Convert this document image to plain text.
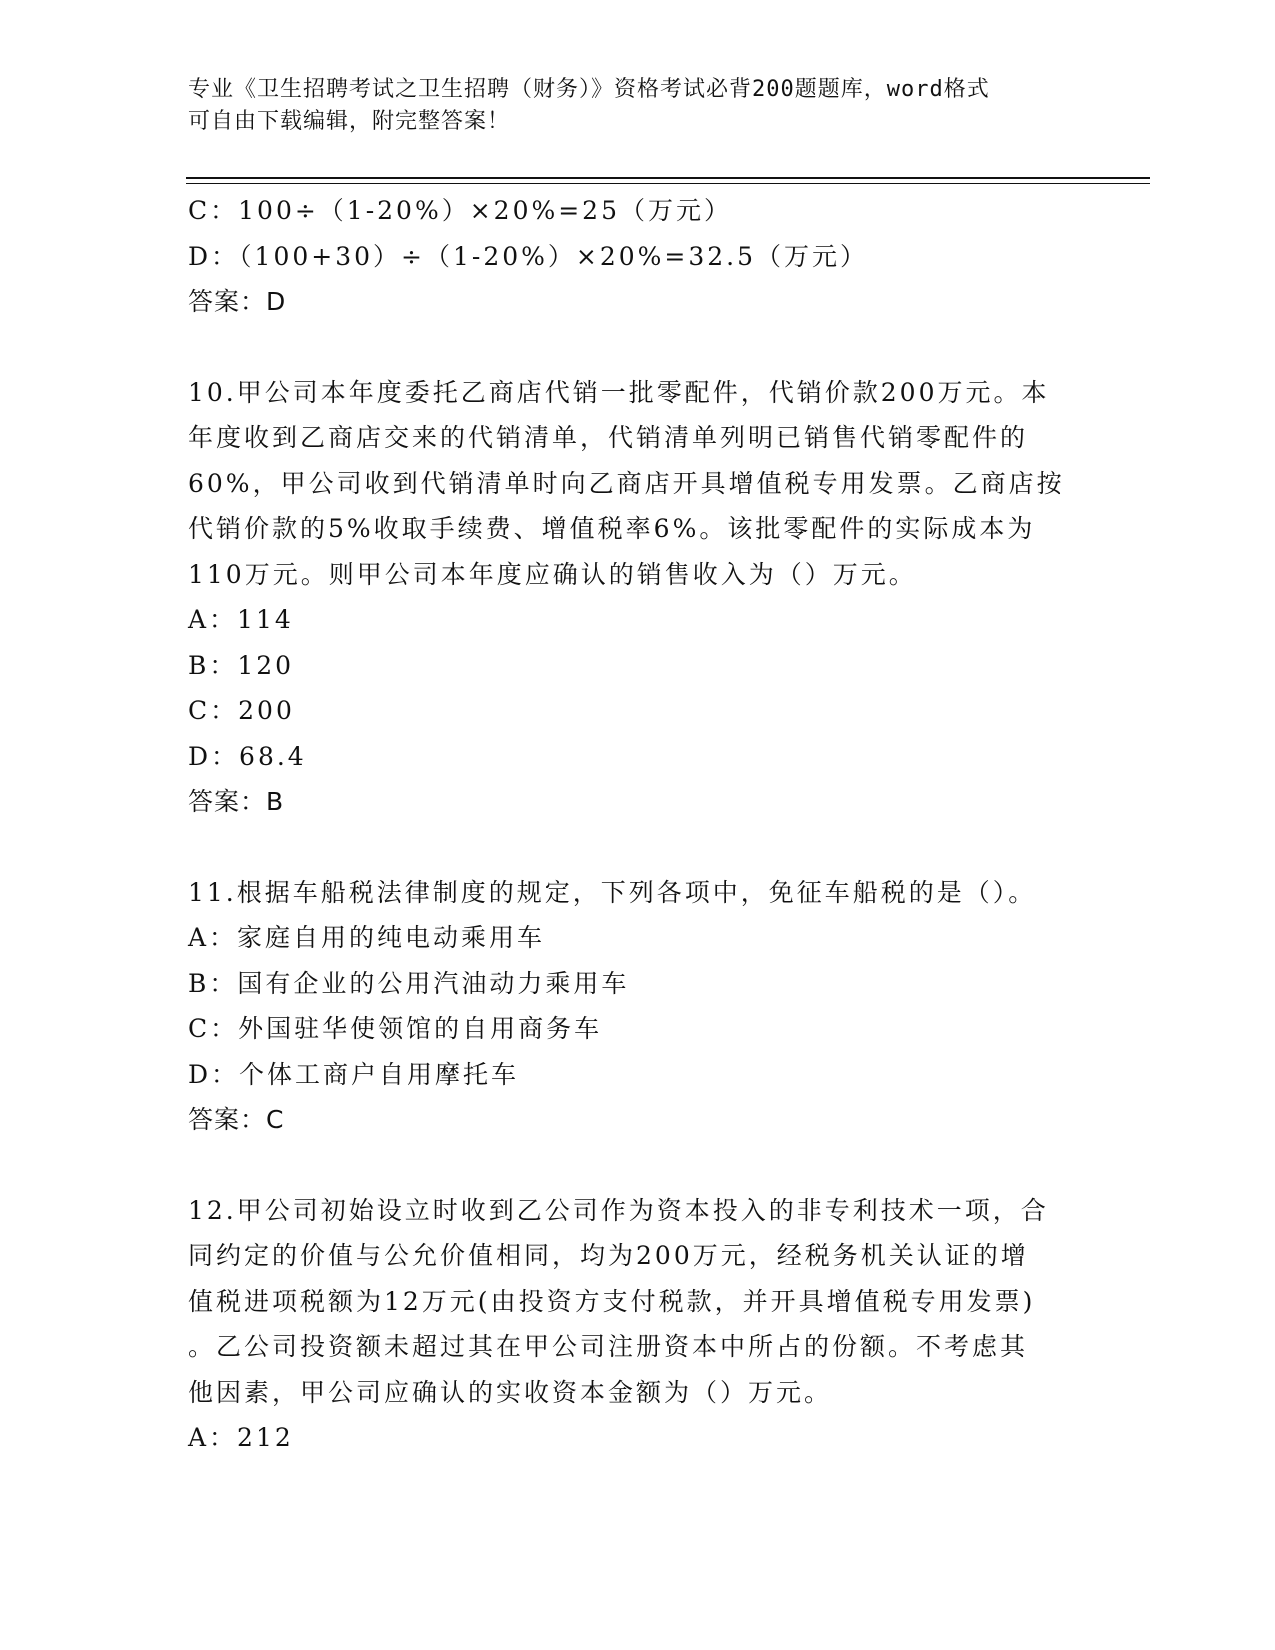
专业《卫生招聘考试之卫生招聘（财务）》资格考试必背200题题库，word格式
可自由下载编辑，附完整答案！
C：100÷（1-20%）×20%=25（万元）
D：（100+30）÷（1-20%）×20%=32.5（万元）
答案：D
10.甲公司本年度委托乙商店代销一批零配件，代销价款200万元。本
年度收到乙商店交来的代销清单，代销清单列明已销售代销零配件的
60%，甲公司收到代销清单时向乙商店开具增值税专用发票。乙商店按
代销价款的5%收取手续费、增值税率6%。该批零配件的实际成本为
110万元。则甲公司本年度应确认的销售收入为（）万元。
A：114
B：120
C：200
D：68.4
答案：B
11.根据车船税法律制度的规定，下列各项中，免征车船税的是（）。
A：家庭自用的纯电动乘用车
B：国有企业的公用汽油动力乘用车
C：外国驻华使领馆的自用商务车
D：个体工商户自用摩托车
答案：C
12.甲公司初始设立时收到乙公司作为资本投入的非专利技术一项，合
同约定的价值与公允价值相同，均为200万元，经税务机关认证的增
值税进项税额为12万元(由投资方支付税款，并开具增值税专用发票)
。乙公司投资额未超过其在甲公司注册资本中所占的份额。不考虑其
他因素，甲公司应确认的实收资本金额为（）万元。
A：212
